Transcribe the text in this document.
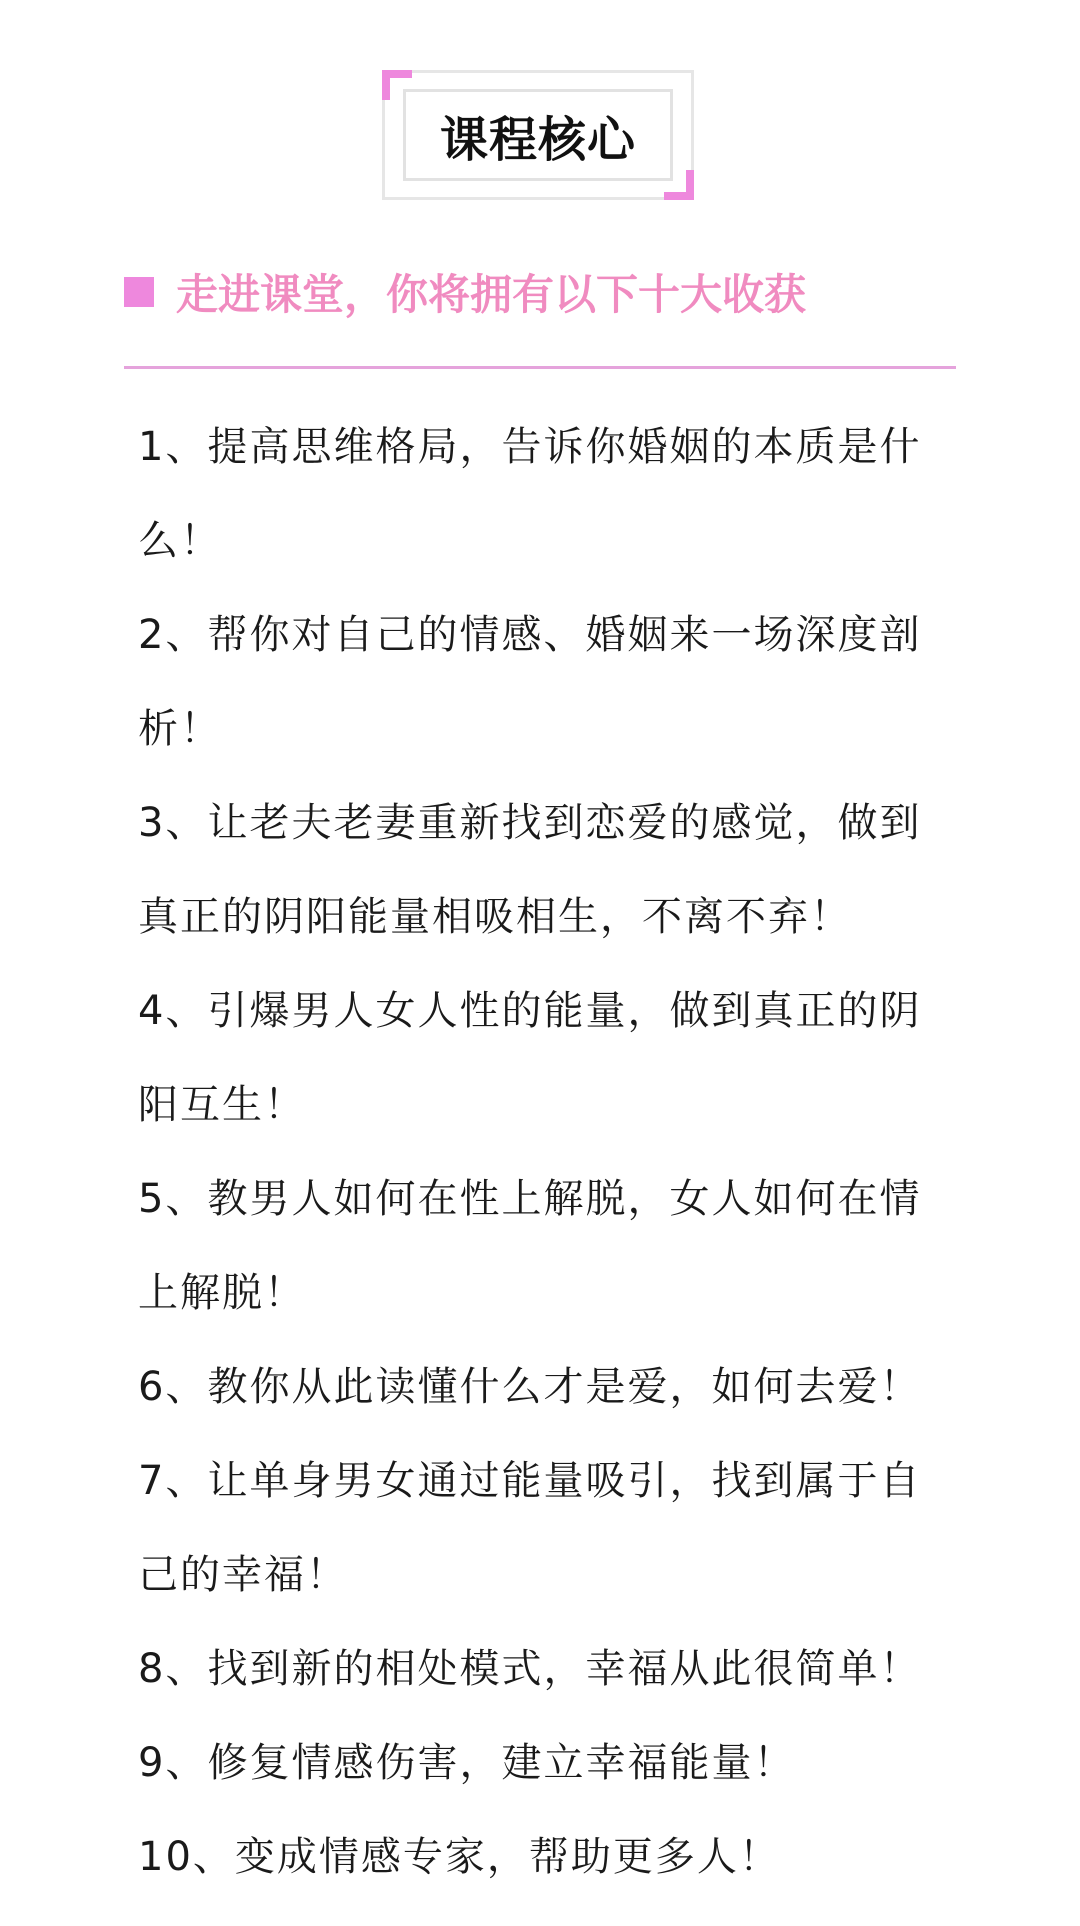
课程核心
走进课堂，你将拥有以下十大收获
1、提高思维格局，告诉你婚姻的本质是什么！
2、帮你对自己的情感、婚姻来一场深度剖析！
3、让老夫老妻重新找到恋爱的感觉，做到真正的阴阳能量相吸相生，不离不弃！
4、引爆男人女人性的能量，做到真正的阴阳互生！
5、教男人如何在性上解脱，女人如何在情上解脱！
6、教你从此读懂什么才是爱，如何去爱！
7、让单身男女通过能量吸引，找到属于自己的幸福！
8、找到新的相处模式，幸福从此很简单！
9、修复情感伤害，建立幸福能量！
10、变成情感专家，帮助更多人！
